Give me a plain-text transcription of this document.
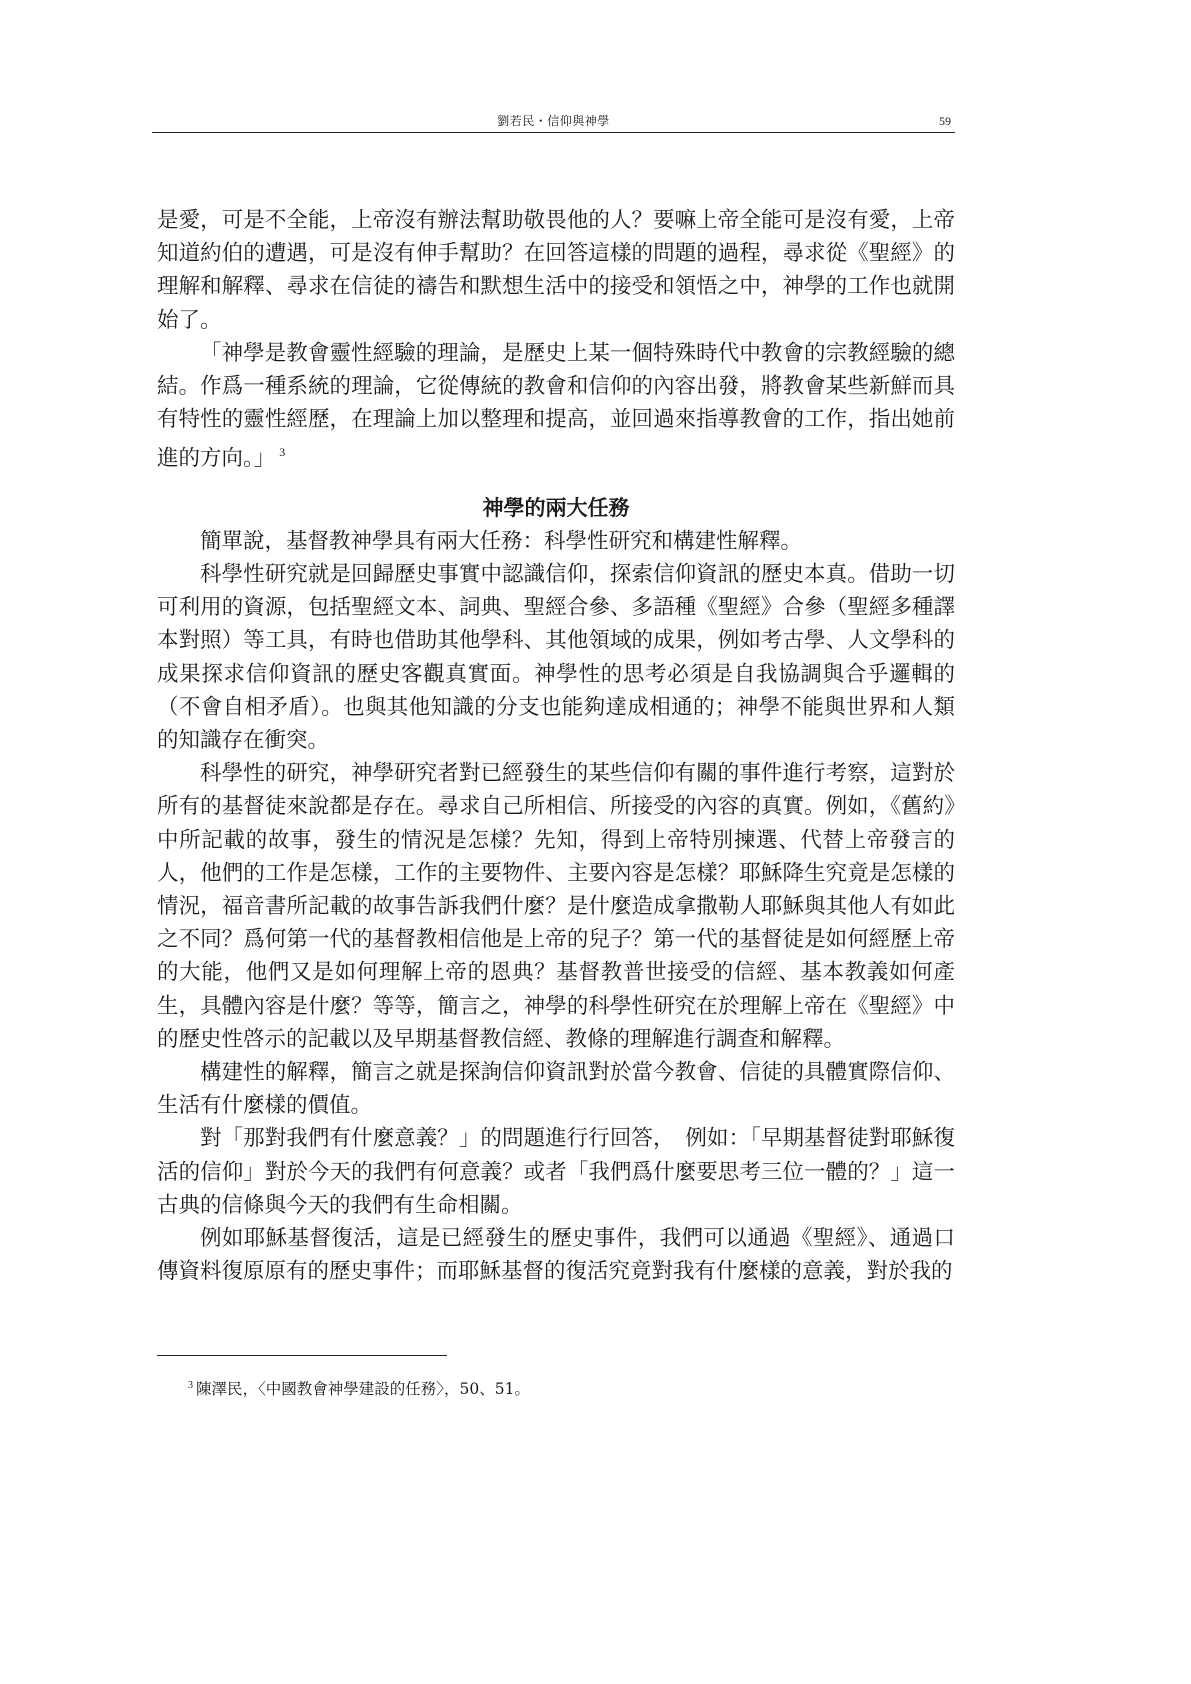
劉若民・信仰與神學	59

是愛，可是不全能，上帝沒有辦法幫助敬畏他的人？要嘛上帝全能可是沒有愛，上帝知道約伯的遭遇，可是沒有伸手幫助？在回答這樣的問題的過程，尋求從《聖經》的理解和解釋、尋求在信徒的禱告和默想生活中的接受和領悟之中，神學的工作也就開始了。

「神學是教會靈性經驗的理論，是歷史上某一個特殊時代中教會的宗教經驗的總結。作爲一種系統的理論，它從傳統的教會和信仰的內容出發，將教會某些新鮮而具有特性的靈性經歷，在理論上加以整理和提高，並回過來指導教會的工作，指出她前進的方向。」 $^3$

神學的兩大任務

簡單說，基督教神學具有兩大任務：科學性研究和構建性解釋。

科學性研究就是回歸歷史事實中認識信仰，探索信仰資訊的歷史本真。借助一切可利用的資源，包括聖經文本、詞典、聖經合參、多語種《聖經》合參（聖經多種譯本對照）等工具，有時也借助其他學科、其他領域的成果，例如考古學、人文學科的成果探求信仰資訊的歷史客觀真實面。神學性的思考必須是自我協調與合乎邏輯的（不會自相矛盾）。也與其他知識的分支也能夠達成相通的；神學不能與世界和人類的知識存在衝突。

科學性的研究，神學研究者對已經發生的某些信仰有關的事件進行考察，這對於所有的基督徒來說都是存在。尋求自己所相信、所接受的內容的真實。例如，《舊約》中所記載的故事，發生的情況是怎樣？先知，得到上帝特別揀選、代替上帝發言的人，他們的工作是怎樣，工作的主要物件、主要內容是怎樣？耶穌降生究竟是怎樣的情況，福音書所記載的故事告訴我們什麼？是什麼造成拿撒勒人耶穌與其他人有如此之不同？爲何第一代的基督教相信他是上帝的兒子？第一代的基督徒是如何經歷上帝的大能，他們又是如何理解上帝的恩典？基督教普世接受的信經、基本教義如何產生，具體內容是什麼？等等，簡言之，神學的科學性研究在於理解上帝在《聖經》中的歷史性啓示的記載以及早期基督教信經、教條的理解進行調查和解釋。

構建性的解釋，簡言之就是探詢信仰資訊對於當今教會、信徒的具體實際信仰、生活有什麼樣的價值。

對「那對我們有什麼意義？」的問題進行行回答，　例如：「早期基督徒對耶穌復活的信仰」對於今天的我們有何意義？或者「我們爲什麼要思考三位一體的？」這一古典的信條與今天的我們有生命相關。

例如耶穌基督復活，這是已經發生的歷史事件，我們可以通過《聖經》、通過口傳資料復原原有的歷史事件；而耶穌基督的復活究竟對我有什麼樣的意義，對於我的

$^3$ 陳澤民，〈中國教會神學建設的任務〉，50、51。
